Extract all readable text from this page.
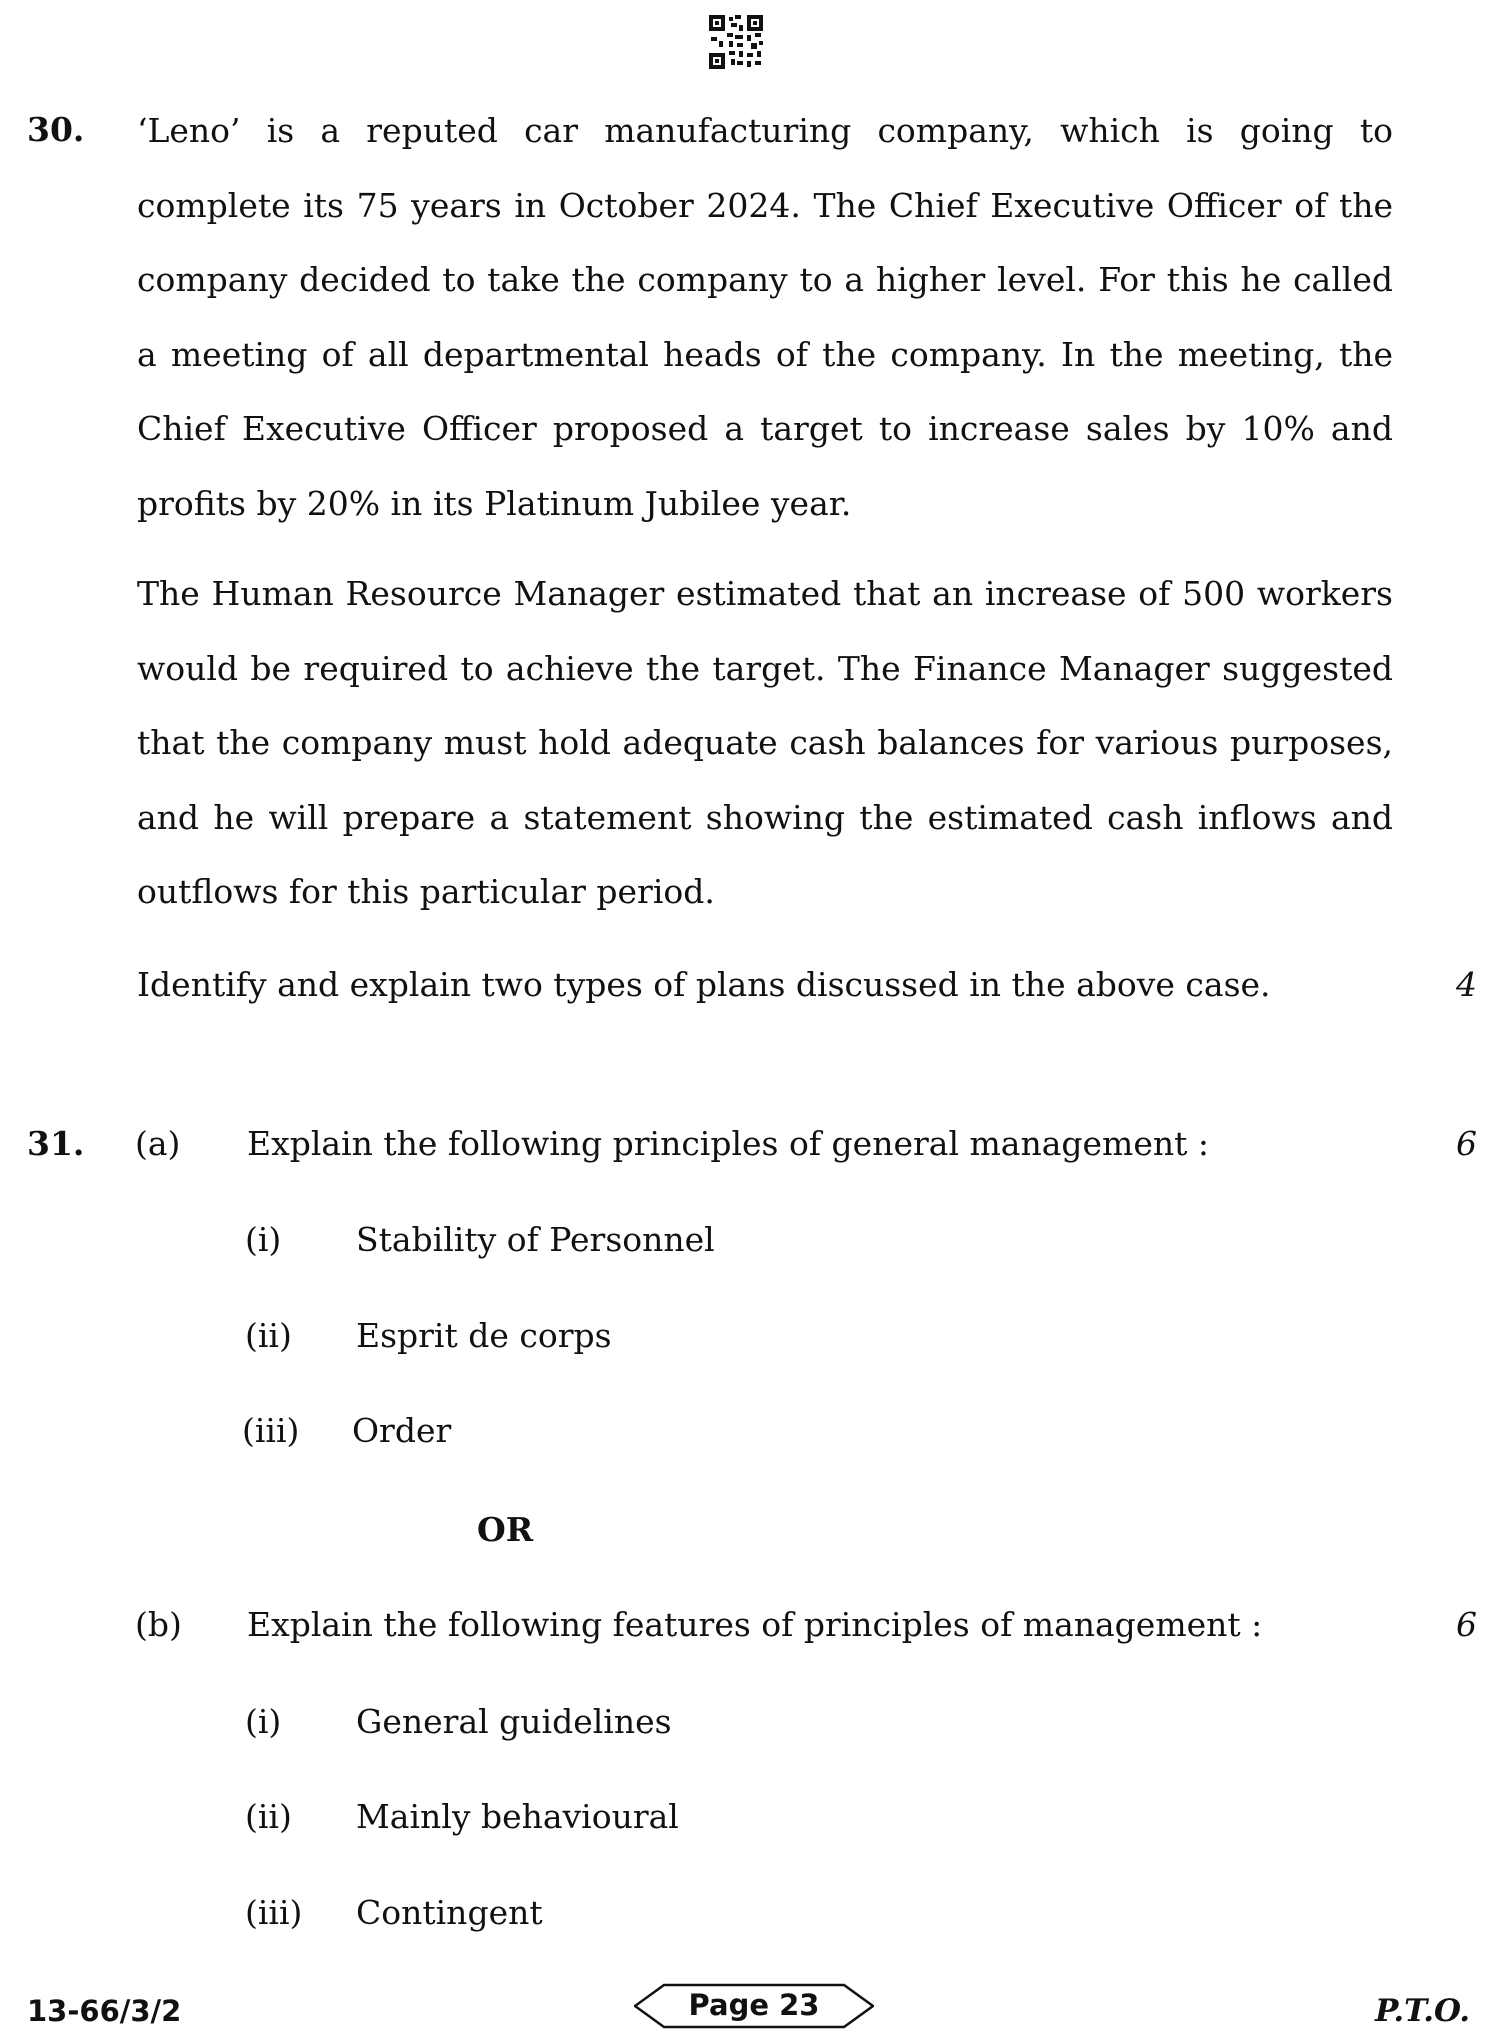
30. ‘Leno’ is a reputed car manufacturing company, which is going to complete its 75 years in October 2024. The Chief Executive Officer of the company decided to take the company to a higher level. For this he called a meeting of all departmental heads of the company. In the meeting, the Chief Executive Officer proposed a target to increase sales by 10% and profits by 20% in its Platinum Jubilee year.

The Human Resource Manager estimated that an increase of 500 workers would be required to achieve the target. The Finance Manager suggested that the company must hold adequate cash balances for various purposes, and he will prepare a statement showing the estimated cash inflows and outflows for this particular period.

Identify and explain two types of plans discussed in the above case.	4
31. (a) Explain the following principles of general management :	6
(i) Stability of Personnel
(ii) Esprit de corps
(iii) Order
OR
(b) Explain the following features of principles of management :	6
(i) General guidelines
(ii) Mainly behavioural
(iii) Contingent
13-66/3/2	Page 23	P.T.O.
